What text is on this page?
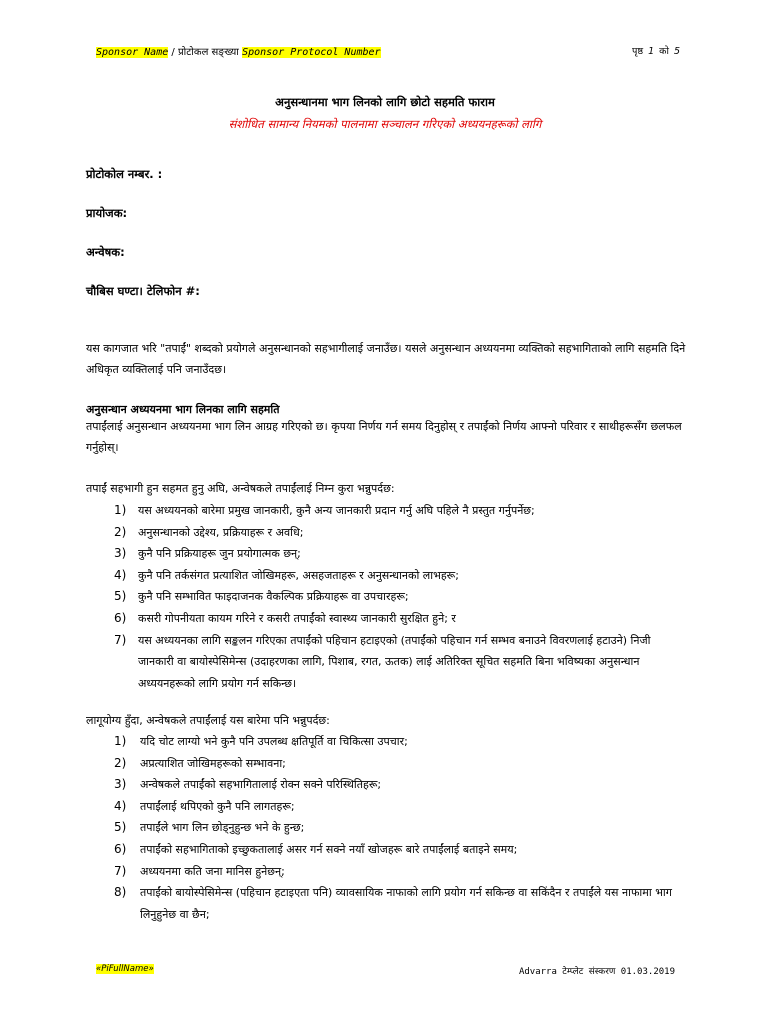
Sponsor Name / प्रोटोकल सङ्ख्या Sponsor Protocol Number	पृष्ठ 1 को 5
अनुसन्धानमा भाग लिनको लागि छोटो सहमति फाराम
संशोधित सामान्य नियमको पालनामा सञ्चालन गरिएको अध्ययनहरूको लागि
प्रोटोकोल नम्बर. :
प्रायोजक:
अन्वेषक:
चौबिस घण्टा। टेलिफोन #:
यस कागजात भरि "तपाईं" शब्दको प्रयोगले अनुसन्धानको सहभागीलाई जनाउँछ। यसले अनुसन्धान अध्ययनमा व्यक्तिको सहभागिताको लागि सहमति दिने अधिकृत व्यक्तिलाई पनि जनाउँदछ।
अनुसन्धान अध्ययनमा भाग लिनका लागि सहमति
तपाईंलाई अनुसन्धान अध्ययनमा भाग लिन आग्रह गरिएको छ। कृपया निर्णय गर्न समय दिनुहोस् र तपाईंको निर्णय आफ्नो परिवार र साथीहरूसँग छलफल गर्नुहोस्।
तपाईं सहभागी हुन सहमत हुनु अघि, अन्वेषकले तपाईंलाई निम्न कुरा भन्नुपर्दछ:
1) यस अध्ययनको बारेमा प्रमुख जानकारी, कुनै अन्य जानकारी प्रदान गर्नु अघि पहिले नै प्रस्तुत गर्नुपर्नेछ;
2) अनुसन्धानको उद्देश्य, प्रक्रियाहरू र अवधि;
3) कुनै पनि प्रक्रियाहरू जुन प्रयोगात्मक छन्;
4) कुनै पनि तर्कसंगत प्रत्याशित जोखिमहरू, असहजताहरू र अनुसन्धानको लाभहरू;
5) कुनै पनि सम्भावित फाइदाजनक वैकल्पिक प्रक्रियाहरू वा उपचारहरू;
6) कसरी गोपनीयता कायम गरिने र कसरी तपाईंको स्वास्थ्य जानकारी सुरक्षित हुने; र
7) यस अध्ययनका लागि सङ्कलन गरिएका तपाईंको पहिचान हटाइएको (तपाईंको पहिचान गर्न सम्भव बनाउने विवरणलाई हटाउने) निजी जानकारी वा बायोस्पेसिमेन्स (उदाहरणका लागि, पिशाब, रगत, ऊतक) लाई अतिरिक्त सूचित सहमति बिना भविष्यका अनुसन्धान अध्ययनहरूको लागि प्रयोग गर्न सकिन्छ।
लागूयोग्य हुँदा, अन्वेषकले तपाईंलाई यस बारेमा पनि भन्नुपर्दछ:
1) यदि चोट लाग्यो भने कुनै पनि उपलब्ध क्षतिपूर्ति वा चिकित्सा उपचार;
2) अप्रत्याशित जोखिमहरूको सम्भावना;
3) अन्वेषकले तपाईंको सहभागितालाई रोक्न सक्ने परिस्थितिहरू;
4) तपाईंलाई थपिएको कुनै पनि लागतहरू;
5) तपाईंले भाग लिन छोड्नुहुन्छ भने के हुन्छ;
6) तपाईंको सहभागिताको इच्छुकतालाई असर गर्न सक्ने नयाँ खोजहरू बारे तपाईंलाई बताइने समय;
7) अध्ययनमा कति जना मानिस हुनेछन्;
8) तपाईंको बायोस्पेसिमेन्स (पहिचान हटाइएता पनि) व्यावसायिक नाफाको लागि प्रयोग गर्न सकिन्छ वा सकिंदैन र तपाईंले यस नाफामा भाग लिनुहुनेछ वा छैन;
«PiFullName»	Advarra टेम्प्लेट संस्करण 01.03.2019
